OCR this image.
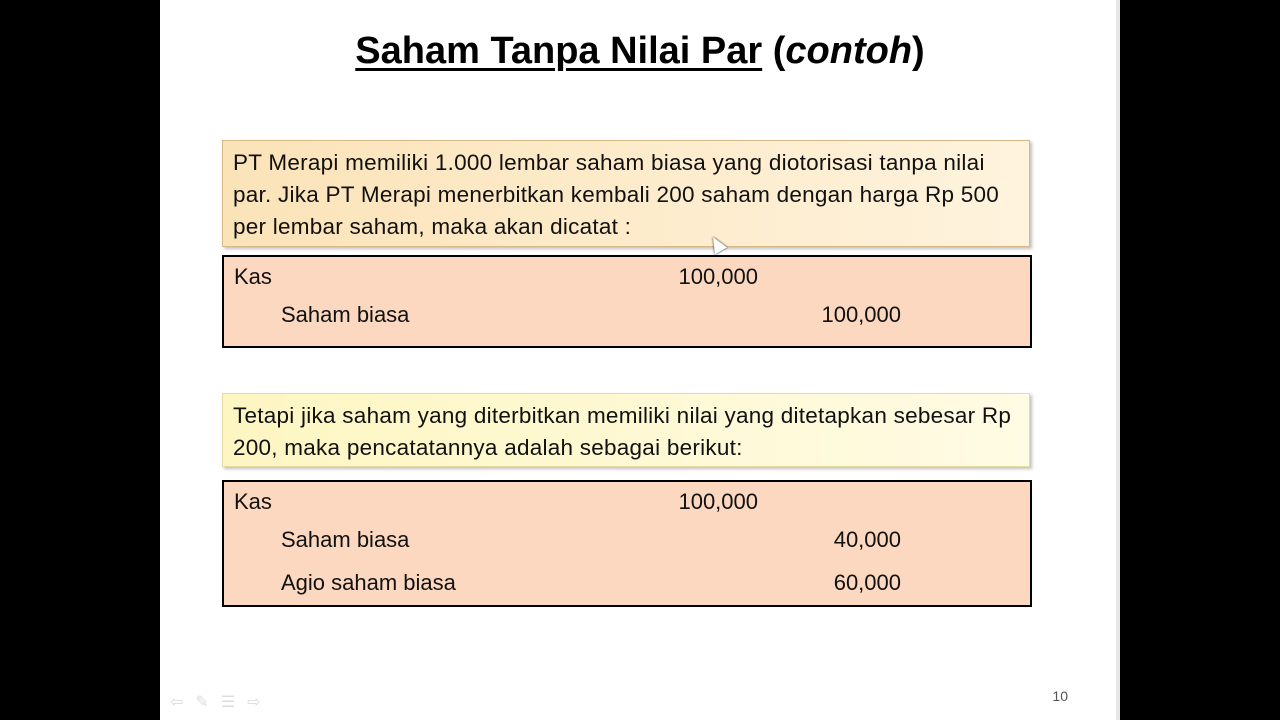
Saham Tanpa Nilai Par (contoh)
PT Merapi memiliki 1.000 lembar saham biasa yang diotorisasi tanpa nilai par. Jika PT Merapi menerbitkan kembali 200 saham dengan harga Rp 500 per lembar saham, maka akan dicatat :
Kas	100,000
Saham biasa	100,000
Tetapi jika saham yang diterbitkan memiliki nilai yang ditetapkan sebesar Rp 200, maka pencatatannya adalah sebagai berikut:
Kas	100,000
Saham biasa	40,000
Agio saham biasa	60,000
10
⇦ ✎ ☰ ⇨
